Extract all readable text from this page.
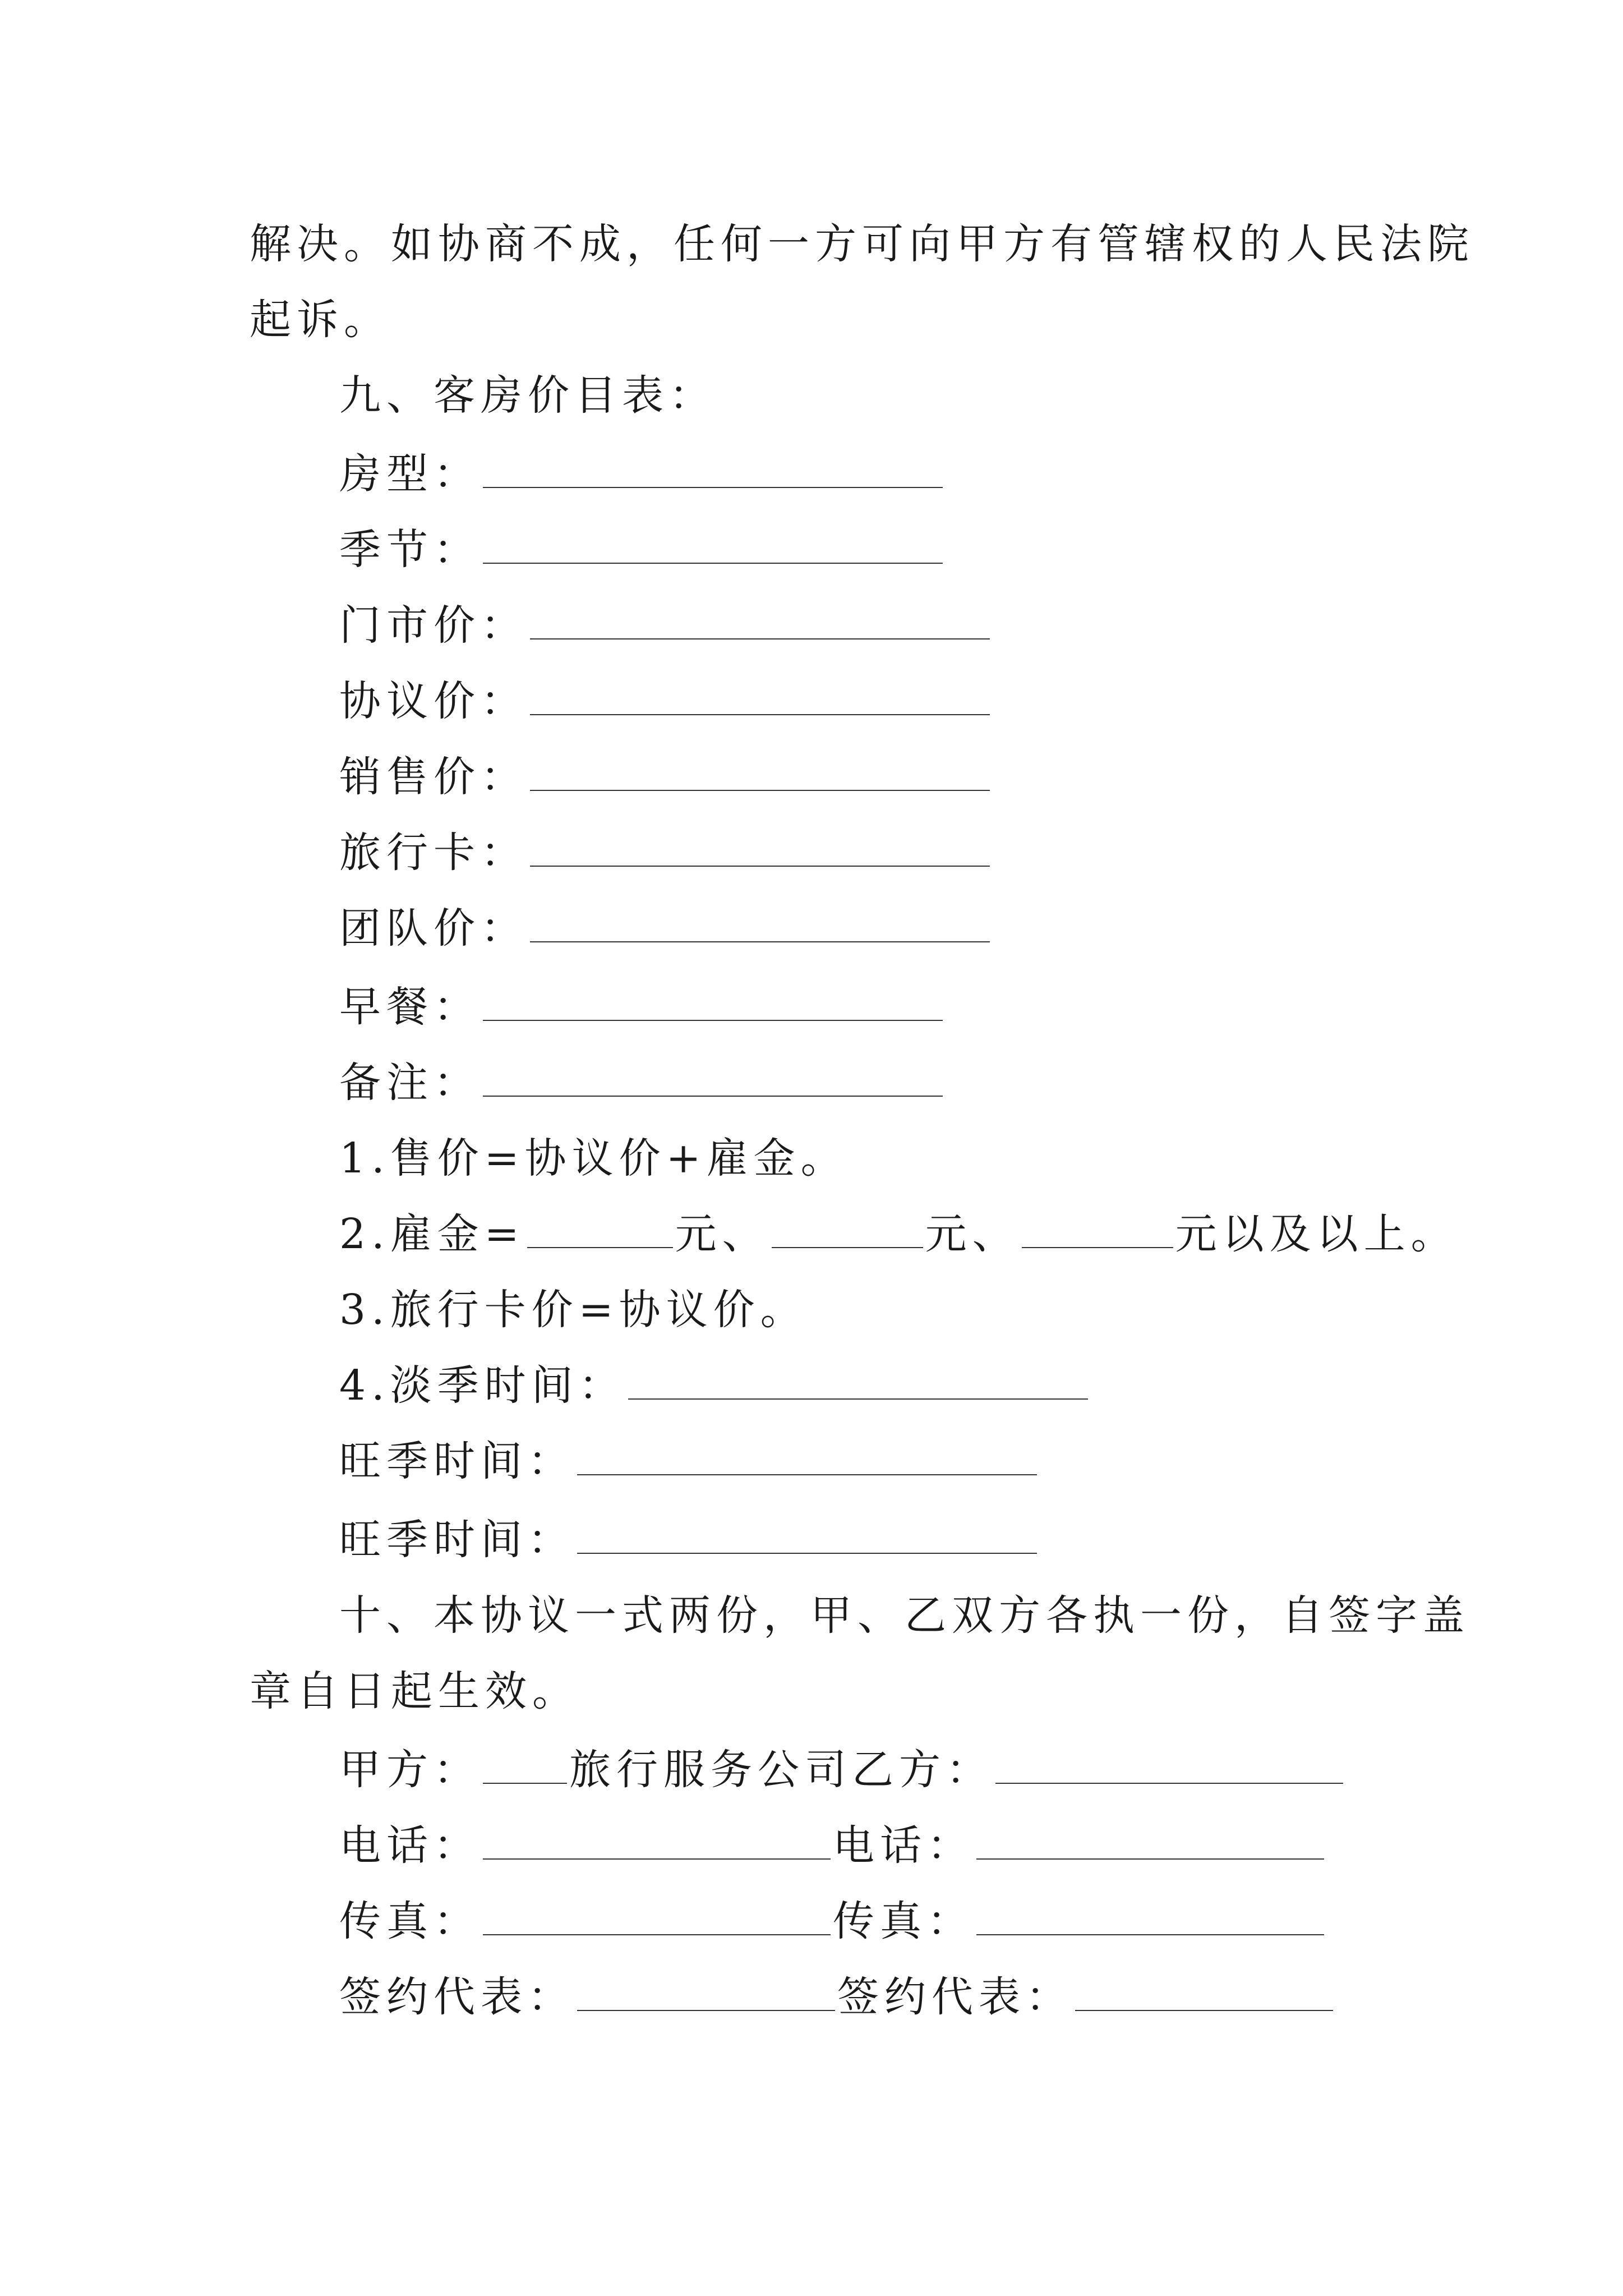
解决。如协商不成，任何一方可向甲方有管辖权的人民法院
起诉。
九、客房价目表：
房型：
季节：
门市价：
协议价：
销售价：
旅行卡：
团队价：
早餐：
备注：
1.售价=协议价+雇金。
2.雇金=	元、	元、	元以及以上。
3.旅行卡价=协议价。
4.淡季时间：
旺季时间：
旺季时间：
十、本协议一式两份，甲、乙双方各执一份，自签字盖
章自日起生效。
甲方： 旅行服务公司乙方：
电话：	电话：
传真：	传真：
签约代表：	签约代表：
